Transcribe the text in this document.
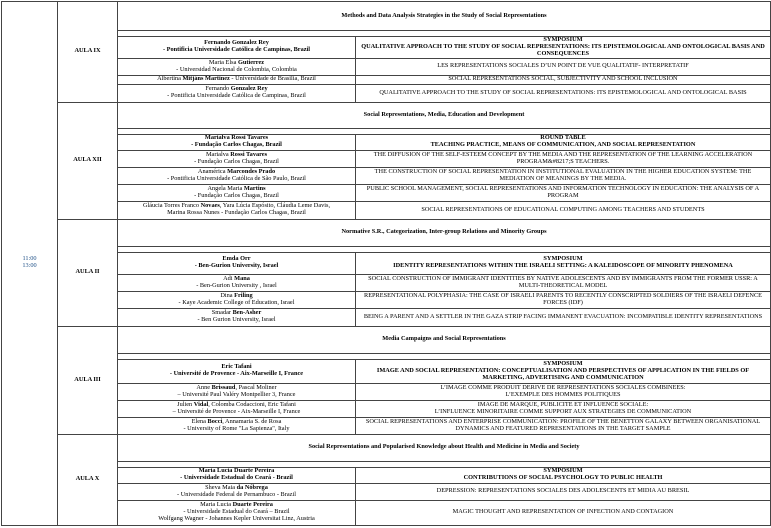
11:00
13:00	AULA IX	Methods and Data Analysis Strategies in the Study of Social Representations	

		Fernando Gonzalez Rey
- Pontificia Universidade Católica de Campinas, Brazil	SYMPOSIUM
QUALITATIVE APPROACH TO THE STUDY OF SOCIAL REPRESENTATIONS: ITS EPISTEMOLOGICAL AND ONTOLOGICAL BASIS AND CONSEQUENCES
		Maria Elsa Gutierrez
- Universidad Nacional de Colombia, Colombia	LES REPRESENTATIONS SOCIALES D’UN POINT DE VUE QUALITATIF- INTERPRETATIF
		Albertina Mitjáns Martinez - Universidade de Brasilia, Brazil	SOCIAL REPRESENTATIONS SOCIAL, SUBJECTIVITY AND SCHOOL INCLUSION
		Fernando Gonzalez Rey
- Pontificia Universidade Católica de Campinas, Brazil	QUALITATIVE APPROACH TO THE STUDY OF SOCIAL REPRESENTATIONS: ITS EPISTEMOLOGICAL AND ONTOLOGICAL BASIS
	AULA XII	Social Representations, Media, Education and Development	

		Marialva Rossi Tavares
- Fundação Carlos Chagas, Brazil	ROUND TABLE
TEACHING PRACTICE, MEANS OF COMMUNICATION, AND SOCIAL REPRESENTATION
		Marialva Rossi Tavares
- Fundação Carlos Chagas, Brazil	THE DIFFUSION OF THE SELF-ESTEEM CONCEPT BY THE MEDIA AND THE REPRESENTATION OF THE LEARNING ACCELERATION PROGRAM&#8217;S TEACHERS.
		Anamérica Marcondes Prado
- Pontificia Universidade Católica de São Paulo, Brazil	THE CONSTRUCTION OF SOCIAL REPRESENTATION IN INSTITUTIONAL EVALUATION IN THE HIGHER EDUCATION SYSTEM: THE MEDIATION OF MEANINGS BY THE MEDIA.
		Angela Maria Martins
- Fundação Carlos Chagas, Brazil	PUBLIC SCHOOL MANAGEMENT, SOCIAL REPRESENTATIONS AND INFORMATION TECHNOLOGY IN EDUCATION: THE ANALYSIS OF A PROGRAM
		Gláucia Torres Franco Novaes, Yara Lúcia Espósito, Cláudia Leme Davis,
Marina Rossa Nunes - Fundação Carlos Chagas, Brazil	SOCIAL REPRESENTATIONS OF EDUCATIONAL COMPUTING AMONG TEACHERS AND STUDENTS
	AULA II	Normative S.R., Categorization, Inter-group Relations and Minority Groups	

		Emda Orr
- Ben-Gurion University, Israel	SYMPOSIUM
IDENTITY REPRESENTATIONS WITHIN THE ISRAELI SETTING: A KALEIDOSCOPE OF MINORITY PHENOMENA
		Adi Mana
- Ben-Gurion University , Israel	SOCIAL CONSTRUCTION OF IMMIGRANT IDENTITIES BY NATIVE ADOLESCENTS AND BY IMMIGRANTS FROM THE FORMER USSR: A MULTI-THEORETICAL MODEL
		Dina Friling
- Kaye Academic College of Education, Israel	REPRESENTATIONAL POLYPHASIA: THE CASE OF ISRAELI PARENTS TO RECENTLY CONSCRIPTED SOLDIERS OF THE ISRAELI DEFENCE FORCES (IDF)
		Smadar Ben-Asher
- Ben Gurion University, Israel	BEING A PARENT AND A SETTLER IN THE GAZA STRIP FACING IMMANENT EVACUATION: INCOMPATIBLE IDENTITY REPRESENTATIONS
	AULA III	Media Campaigns and Social Representations	

		Eric Tafani
- Université de Provence - Aix-Marseille I, France	SYMPOSIUM
IMAGE AND SOCIAL REPRESENTATION: CONCEPTUALISATION AND PERSPECTIVES OF APPLICATION IN THE FIELDS OF MARKETING, ADVERTISING AND COMMUNICATION
		Anne Brissaud, Pascal Moliner
– Université Paul Valéry Montpellier 3, France	L’IMAGE COMME PRODUIT DERIVE DE REPRESENTATIONS SOCIALES COMBINEES:
L’EXEMPLE DES HOMMES POLITIQUES
		Julien Vidal, Colomba Codaccioni, Eric Tafani
– Université de Provence - Aix-Marseille I, France	IMAGE DE MARQUE, PUBLICITE ET INFLUENCE SOCIALE:
L’INFLUENCE MINORITAIRE COMME SUPPORT AUX STRATEGIES DE COMMUNICATION
		Elena Bocci, Annamaria S. de Rosa
- University of Rome "La Sapienza", Italy	SOCIAL REPRESENTATIONS AND ENTERPRISE COMMUNICATION: PROFILE OF THE BENETTON GALAXY BETWEEN ORGANISATIONAL DYNAMICS AND FEATURED REPRESENTATIONS IN THE TARGET SAMPLE
	AULA X	Social Representations and Popularised Knowledge about Health and Medicine in Media and Society	

		Maria Lucia Duarte Pereira
- Universidade Estadual do Ceará - Brazil	SYMPOSIUM
CONTRIBUTIONS OF SOCIAL PSYCHOLOGY TO PUBLIC HEALTH
		Sheva Maia da Nóbrega
- Universidade Federal de Pernambuco - Brazil	DEPRESSION: REPRESENTATIONS SOCIALES DES ADOLESCENTS ET MIDIA AU BRESIL
		Maria Lucia Duarte Pereira
- Universidade Estadual do Ceará – Brazil
Wolfgang Wagner - Johannes Kepler Universitat Linz, Austria	MAGIC THOUGHT AND REPRESENTATION OF INFECTION AND CONTAGION
